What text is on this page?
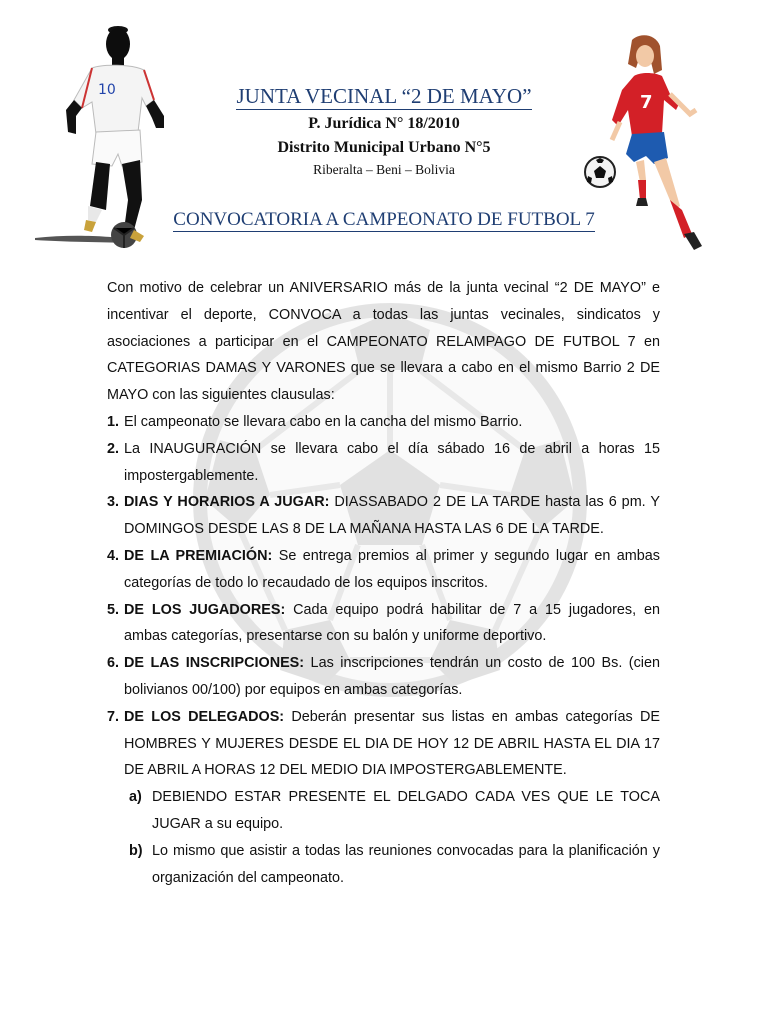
10
7
JUNTA VECINAL “2 DE MAYO”
P. Jurídica N° 18/2010
Distrito Municipal Urbano N°5
Riberalta – Beni – Bolivia
CONVOCATORIA A CAMPEONATO DE FUTBOL 7

Con motivo de celebrar un ANIVERSARIO más de la junta vecinal “2 DE MAYO” e incentivar el deporte, CONVOCA a todas las juntas vecinales, sindicatos y asociaciones a participar en el CAMPEONATO RELAMPAGO DE FUTBOL 7 en CATEGORIAS DAMAS Y VARONES que se llevara a cabo en el mismo Barrio 2 DE MAYO con las siguientes clausulas:

1. El campeonato se llevara cabo en la cancha del mismo Barrio.
2. La INAUGURACIÓN se llevara cabo el día sábado 16 de abril a horas 15 impostergablemente.
3. DIAS Y HORARIOS A JUGAR: DIASSABADO 2 DE LA TARDE hasta las 6 pm. Y DOMINGOS DESDE LAS 8 DE LA MAÑANA HASTA LAS 6 DE LA TARDE.
4. DE LA PREMIACIÓN: Se entrega premios al primer y segundo lugar en ambas categorías de todo lo recaudado de los equipos inscritos.
5. DE LOS JUGADORES: Cada equipo podrá habilitar de 7 a 15 jugadores, en ambas categorías, presentarse con su balón y uniforme deportivo.
6. DE LAS INSCRIPCIONES: Las inscripciones tendrán un costo de 100 Bs. (cien bolivianos 00/100) por equipos en ambas categorías.
7. DE LOS DELEGADOS: Deberán presentar sus listas en ambas categorías DE HOMBRES Y MUJERES DESDE EL DIA DE HOY 12 DE ABRIL HASTA EL DIA 17 DE ABRIL A HORAS 12 DEL MEDIO DIA IMPOSTERGABLEMENTE.
a) DEBIENDO ESTAR PRESENTE EL DELGADO CADA VES QUE LE TOCA JUGAR a su equipo.
b) Lo mismo que asistir a todas las reuniones convocadas para la planificación y organización del campeonato.
